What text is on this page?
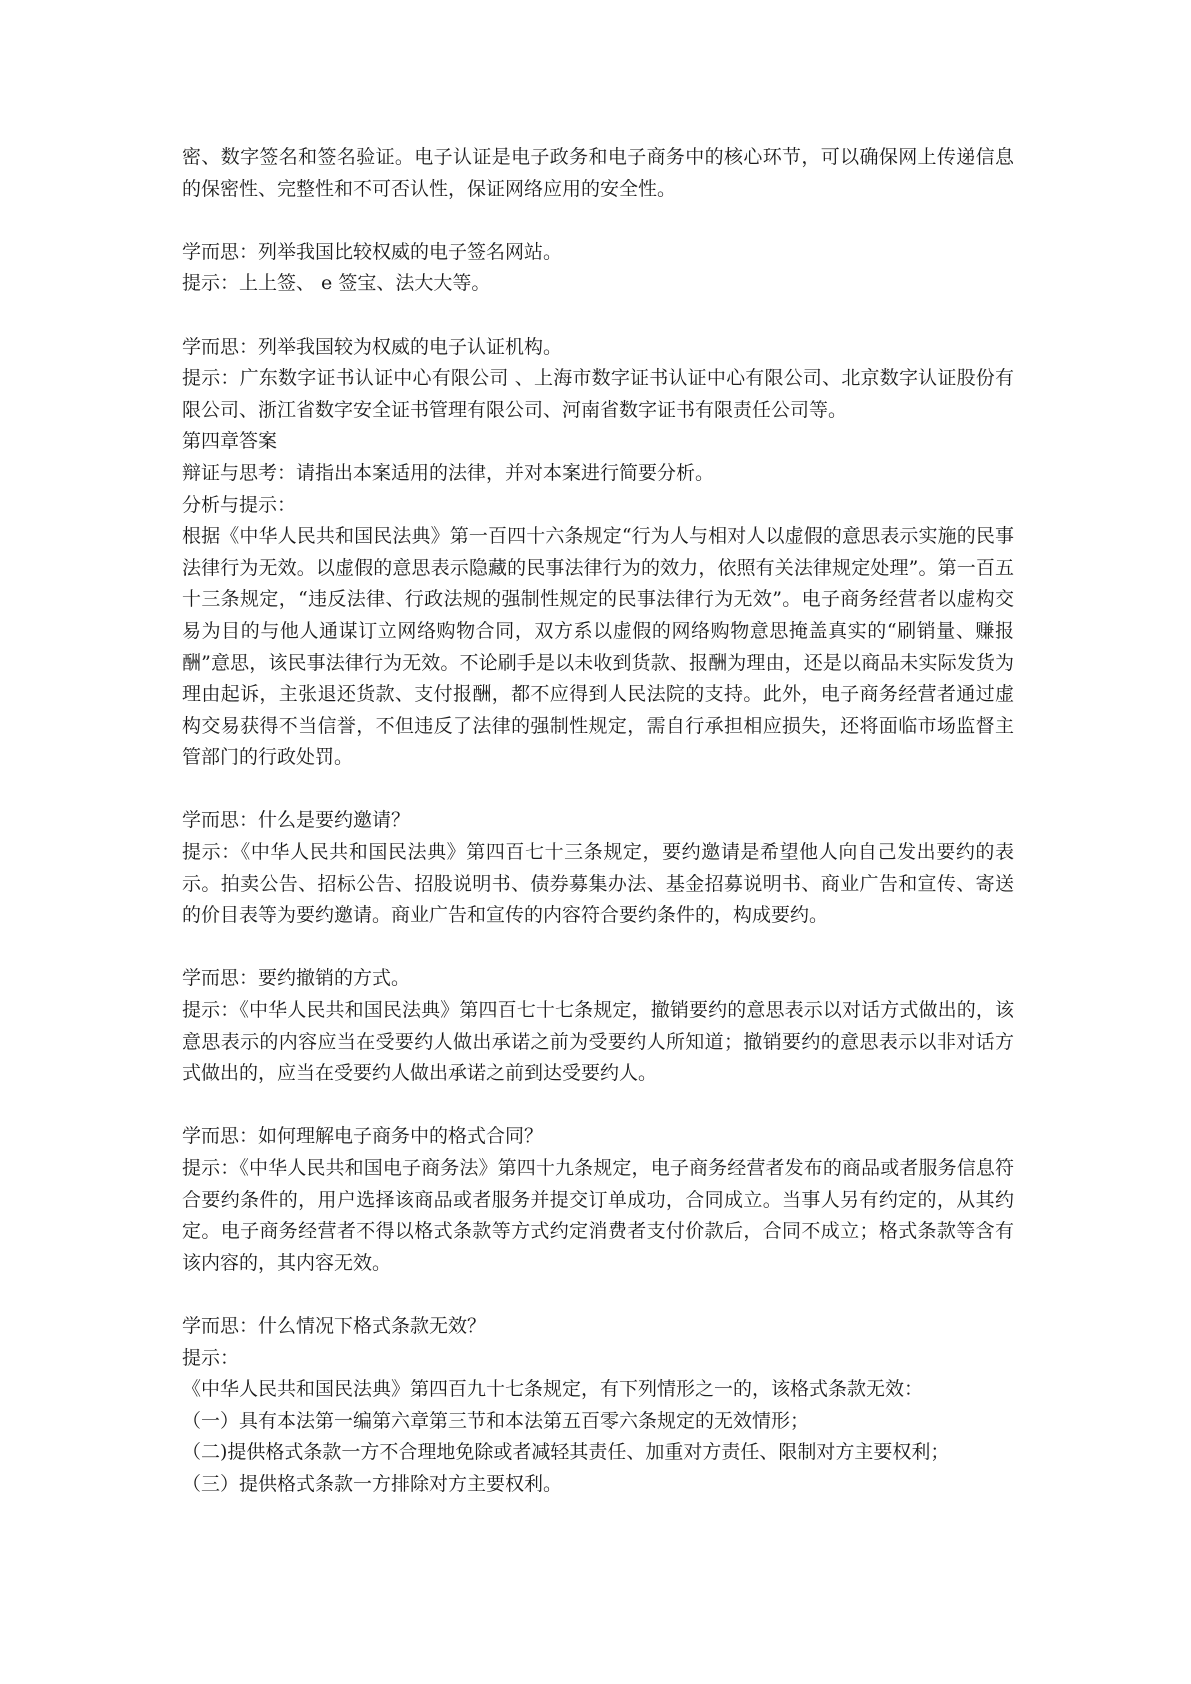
密、数字签名和签名验证。电子认证是电子政务和电子商务中的核心环节，可以确保网上传递信息的保密性、完整性和不可否认性，保证网络应用的安全性。

学而思：列举我国比较权威的电子签名网站。

提示：上上签、 e 签宝、法大大等。

学而思：列举我国较为权威的电子认证机构。

提示：广东数字证书认证中心有限公司 、上海市数字证书认证中心有限公司、北京数字认证股份有限公司、浙江省数字安全证书管理有限公司、河南省数字证书有限责任公司等。

第四章答案

辩证与思考：请指出本案适用的法律，并对本案进行简要分析。

分析与提示：

根据《中华人民共和国民法典》第一百四十六条规定“行为人与相对人以虚假的意思表示实施的民事法律行为无效。以虚假的意思表示隐藏的民事法律行为的效力，依照有关法律规定处理”。第一百五十三条规定，“违反法律、行政法规的强制性规定的民事法律行为无效”。电子商务经营者以虚构交易为目的与他人通谋订立网络购物合同，双方系以虚假的网络购物意思掩盖真实的“刷销量、赚报酬”意思，该民事法律行为无效。不论刷手是以未收到货款、报酬为理由，还是以商品未实际发货为理由起诉，主张退还货款、支付报酬，都不应得到人民法院的支持。此外，电子商务经营者通过虚构交易获得不当信誉，不但违反了法律的强制性规定，需自行承担相应损失，还将面临市场监督主管部门的行政处罚。

学而思：什么是要约邀请？

提示：《中华人民共和国民法典》第四百七十三条规定，要约邀请是希望他人向自己发出要约的表示。拍卖公告、招标公告、招股说明书、债券募集办法、基金招募说明书、商业广告和宣传、寄送的价目表等为要约邀请。商业广告和宣传的内容符合要约条件的，构成要约。

学而思：要约撤销的方式。

提示：《中华人民共和国民法典》第四百七十七条规定，撤销要约的意思表示以对话方式做出的，该意思表示的内容应当在受要约人做出承诺之前为受要约人所知道；撤销要约的意思表示以非对话方式做出的，应当在受要约人做出承诺之前到达受要约人。

学而思：如何理解电子商务中的格式合同？

提示：《中华人民共和国电子商务法》第四十九条规定，电子商务经营者发布的商品或者服务信息符合要约条件的，用户选择该商品或者服务并提交订单成功，合同成立。当事人另有约定的，从其约定。电子商务经营者不得以格式条款等方式约定消费者支付价款后，合同不成立；格式条款等含有该内容的，其内容无效。

学而思：什么情况下格式条款无效？

提示：

《中华人民共和国民法典》第四百九十七条规定，有下列情形之一的，该格式条款无效：

（一）具有本法第一编第六章第三节和本法第五百零六条规定的无效情形；

（二)提供格式条款一方不合理地免除或者减轻其责任、加重对方责任、限制对方主要权利；

（三）提供格式条款一方排除对方主要权利。
